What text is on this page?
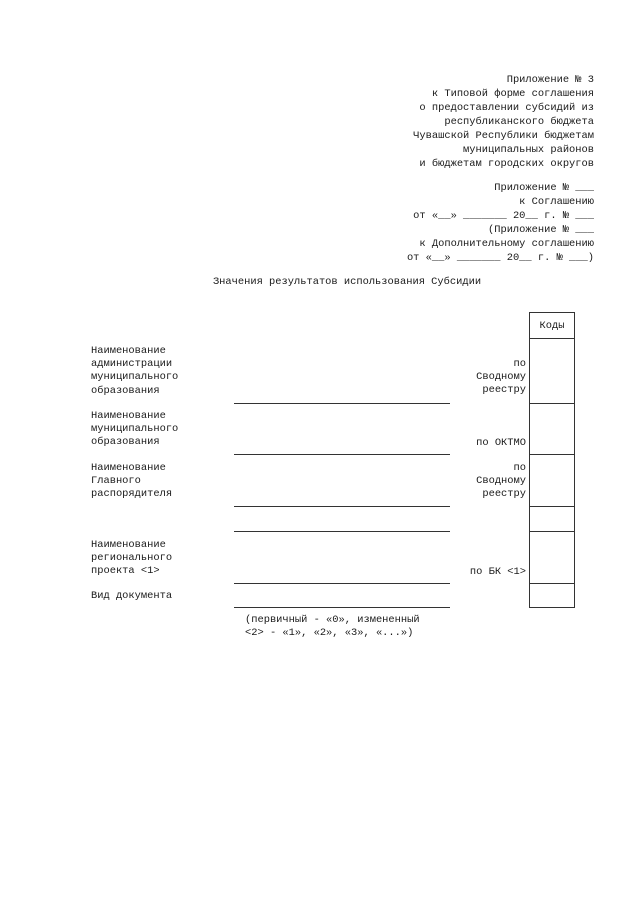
Приложение № 3
к Типовой форме соглашения
о предоставлении субсидий из
республиканского бюджета
Чувашской Республики бюджетам
муниципальных районов
и бюджетам городских округов
Приложение № ___
к Соглашению
от «__» _______ 20__ г. № ___
(Приложение № ___
к Дополнительному соглашению
от «__» _______ 20__ г. № ___)
Значения результатов использования Субсидии
Коды
Наименование
администрации
муниципального
образования
по
Сводному
реестру
Наименование
муниципального
образования	по ОКТМО
Наименование
Главного
распорядителя
по
Сводному
реестру
Наименование
регионального
проекта <1>	по БК <1>
Вид документа
(первичный - «0», измененный
<2> - «1», «2», «3», «...»)
